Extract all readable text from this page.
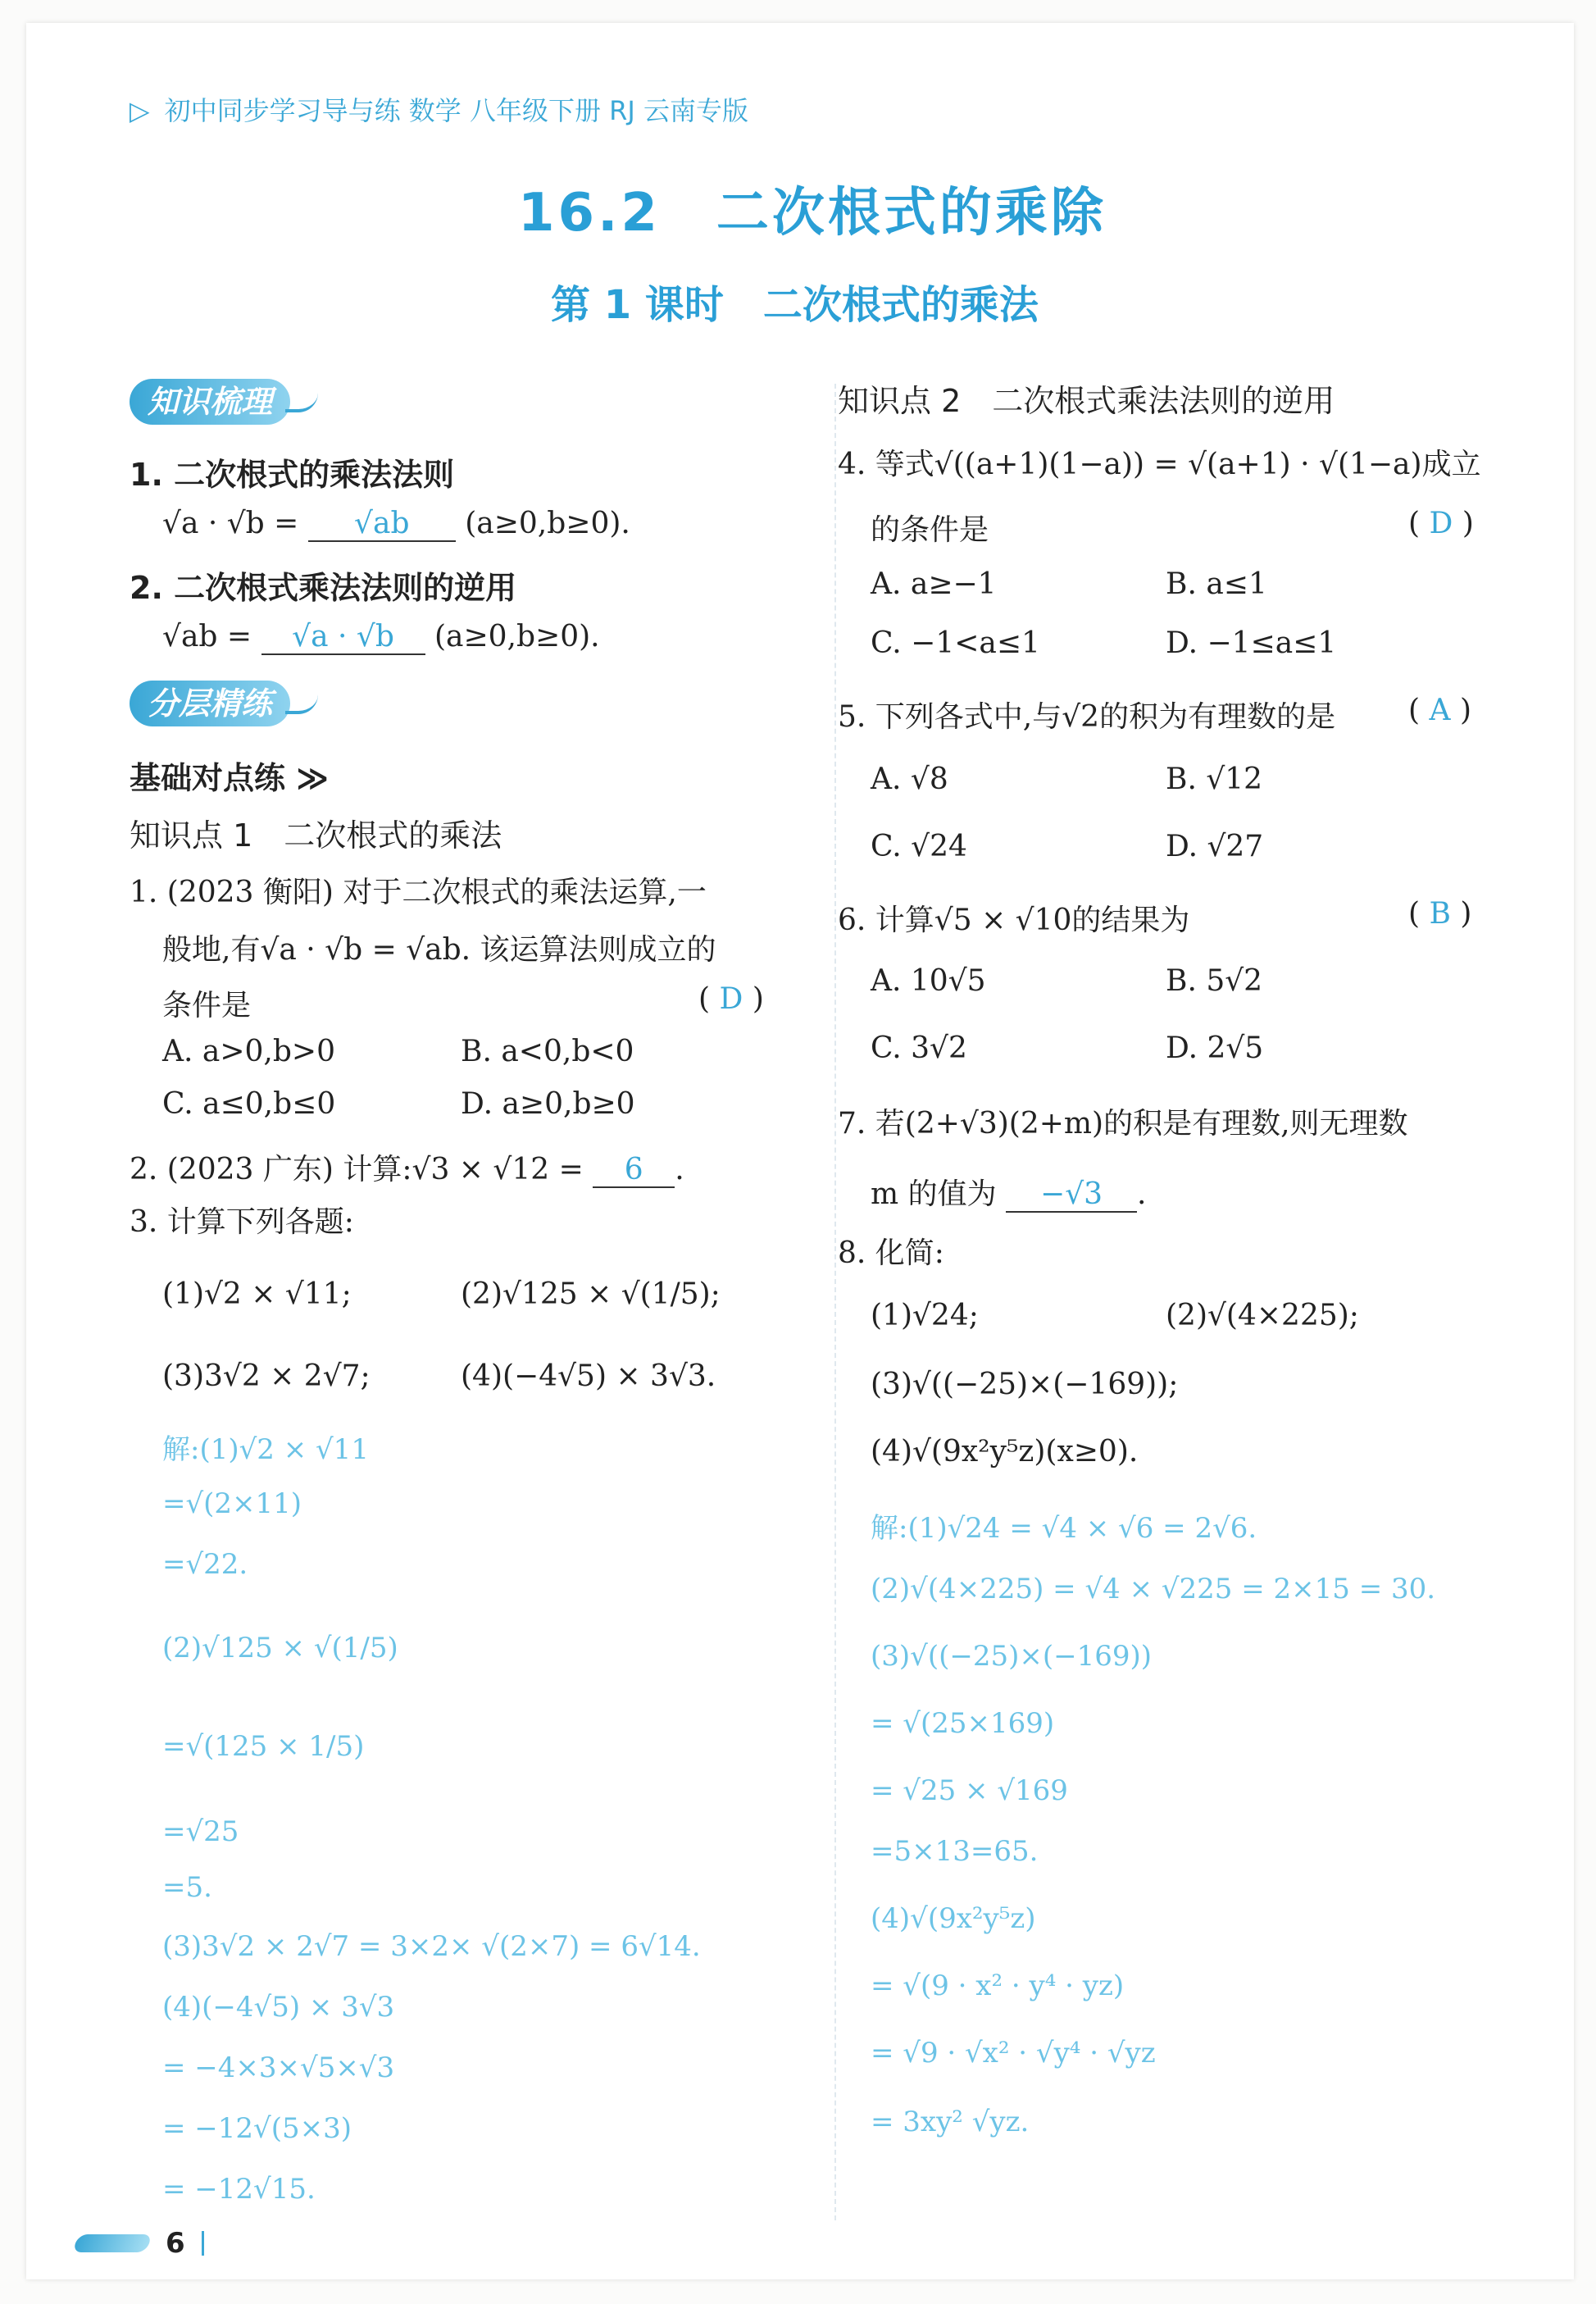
▷ 初中同步学习导与练 数学 八年级下册 RJ 云南专版
16.2　二次根式的乘除
第 1 课时　二次根式的乘法
知识梳理
1. 二次根式的乘法法则
√a · √b = √ab (a≥0,b≥0).
2. 二次根式乘法法则的逆用
√ab = √a · √b (a≥0,b≥0).
分层精练
基础对点练 ≫
知识点 1　二次根式的乘法
1. (2023 衡阳) 对于二次根式的乘法运算,一
般地,有√a · √b = √ab. 该运算法则成立的
条件是	( D )
A. a>0,b>0	B. a<0,b<0
C. a≤0,b≤0	D. a≥0,b≥0
2. (2023 广东) 计算:√3 × √12 = 6 .
3. 计算下列各题:
(1)√2 × √11;	(2)√125 × √(1/5);
(3)3√2 × 2√7;	(4)(−4√5) × 3√3.
解:(1)√2 × √11
=√(2×11)
=√22.
(2)√125 × √(1/5)
=√(125 × 1/5)
=√25
=5.
(3)3√2 × 2√7 = 3×2× √(2×7) = 6√14.
(4)(−4√5) × 3√3
= −4×3×√5×√3
= −12√(5×3)
= −12√15.
知识点 2　二次根式乘法法则的逆用
4. 等式√((a+1)(1−a)) = √(a+1) · √(1−a)成立
的条件是	( D )
A. a≥−1	B. a≤1
C. −1<a≤1	D. −1≤a≤1
5. 下列各式中,与√2的积为有理数的是 ( A )
A. √8	B. √12
C. √24	D. √27
6. 计算√5 × √10的结果为	( B )
A. 10√5	B. 5√2
C. 3√2	D. 2√5
7. 若(2+√3)(2+m)的积是有理数,则无理数
m 的值为 −√3 .
8. 化简:
(1)√24;	(2)√(4×225);
(3)√((−25)×(−169));
(4)√(9x²y⁵z)(x≥0).
解:(1)√24 = √4 × √6 = 2√6.
(2)√(4×225) = √4 × √225 = 2×15 = 30.
(3)√((−25)×(−169))
= √(25×169)
= √25 × √169
=5×13=65.
(4)√(9x²y⁵z)
= √(9 · x² · y⁴ · yz)
= √9 · √x² · √y⁴ · √yz
= 3xy² √yz.
6
